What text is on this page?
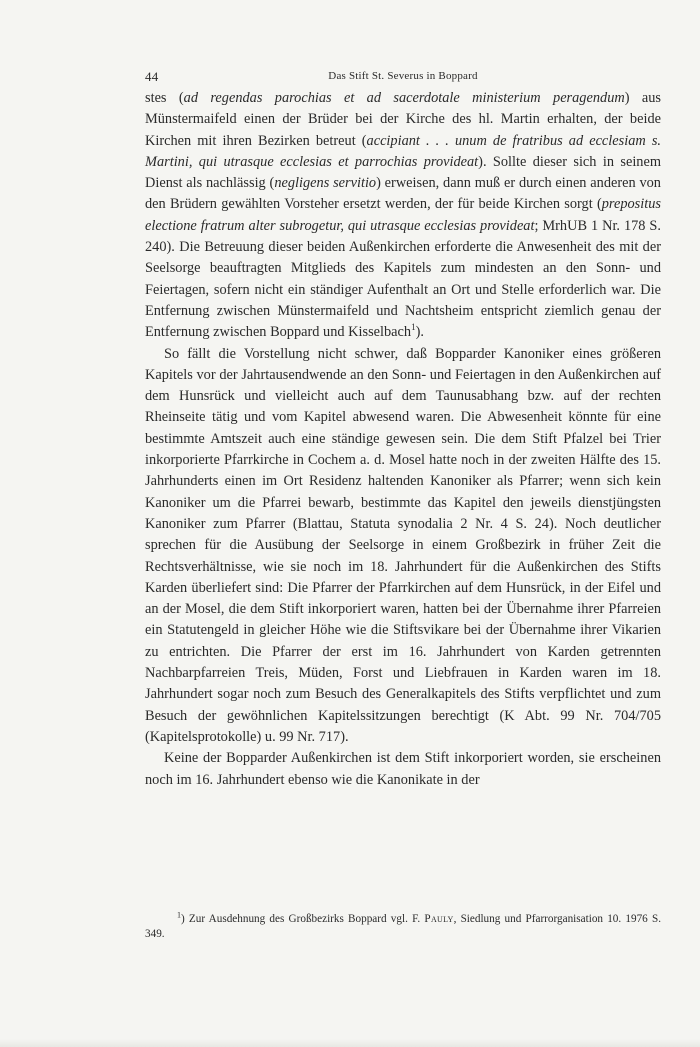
44	Das Stift St. Severus in Boppard

stes (ad regendas parochias et ad sacerdotale ministerium peragendum) aus Münstermaifeld einen der Brüder bei der Kirche des hl. Martin erhalten, der beide Kirchen mit ihren Bezirken betreut (accipiant . . . unum de fratribus ad ecclesiam s. Martini, qui utrasque ecclesias et parrochias provideat). Sollte dieser sich in seinem Dienst als nachlässig (negligens servitio) erweisen, dann muß er durch einen anderen von den Brüdern gewählten Vorsteher ersetzt werden, der für beide Kirchen sorgt (prepositus electione fratrum alter subrogetur, qui utrasque ecclesias provideat; MrhUB 1 Nr. 178 S. 240). Die Betreuung dieser beiden Außenkirchen erforderte die Anwesenheit des mit der Seelsorge beauftragten Mitglieds des Kapitels zum mindesten an den Sonn- und Feiertagen, sofern nicht ein ständiger Aufenthalt an Ort und Stelle erforderlich war. Die Entfernung zwischen Münstermaifeld und Nachtsheim entspricht ziemlich genau der Entfernung zwischen Boppard und Kisselbach$^1$).

So fällt die Vorstellung nicht schwer, daß Bopparder Kanoniker eines größeren Kapitels vor der Jahrtausendwende an den Sonn- und Feiertagen in den Außenkirchen auf dem Hunsrück und vielleicht auch auf dem Taunusabhang bzw. auf der rechten Rheinseite tätig und vom Kapitel abwesend waren. Die Abwesenheit könnte für eine bestimmte Amtszeit auch eine ständige gewesen sein. Die dem Stift Pfalzel bei Trier inkorporierte Pfarrkirche in Cochem a. d. Mosel hatte noch in der zweiten Hälfte des 15. Jahrhunderts einen im Ort Residenz haltenden Kanoniker als Pfarrer; wenn sich kein Kanoniker um die Pfarrei bewarb, bestimmte das Kapitel den jeweils dienstjüngsten Kanoniker zum Pfarrer (Blattau, Statuta synodalia 2 Nr. 4 S. 24). Noch deutlicher sprechen für die Ausübung der Seelsorge in einem Großbezirk in früher Zeit die Rechtsverhältnisse, wie sie noch im 18. Jahrhundert für die Außenkirchen des Stifts Karden überliefert sind: Die Pfarrer der Pfarrkirchen auf dem Hunsrück, in der Eifel und an der Mosel, die dem Stift inkorporiert waren, hatten bei der Übernahme ihrer Pfarreien ein Statutengeld in gleicher Höhe wie die Stiftsvikare bei der Übernahme ihrer Vikarien zu entrichten. Die Pfarrer der erst im 16. Jahrhundert von Karden getrennten Nachbarpfarreien Treis, Müden, Forst und Liebfrauen in Karden waren im 18. Jahrhundert sogar noch zum Besuch des Generalkapitels des Stifts verpflichtet und zum Besuch der gewöhnlichen Kapitelssitzungen berechtigt (K Abt. 99 Nr. 704/705 (Kapitelsprotokolle) u. 99 Nr. 717).

Keine der Bopparder Außenkirchen ist dem Stift inkorporiert worden, sie erscheinen noch im 16. Jahrhundert ebenso wie die Kanonikate in der

$^1$) Zur Ausdehnung des Großbezirks Boppard vgl. F. Pauly, Siedlung und Pfarrorganisation 10. 1976 S. 349.
